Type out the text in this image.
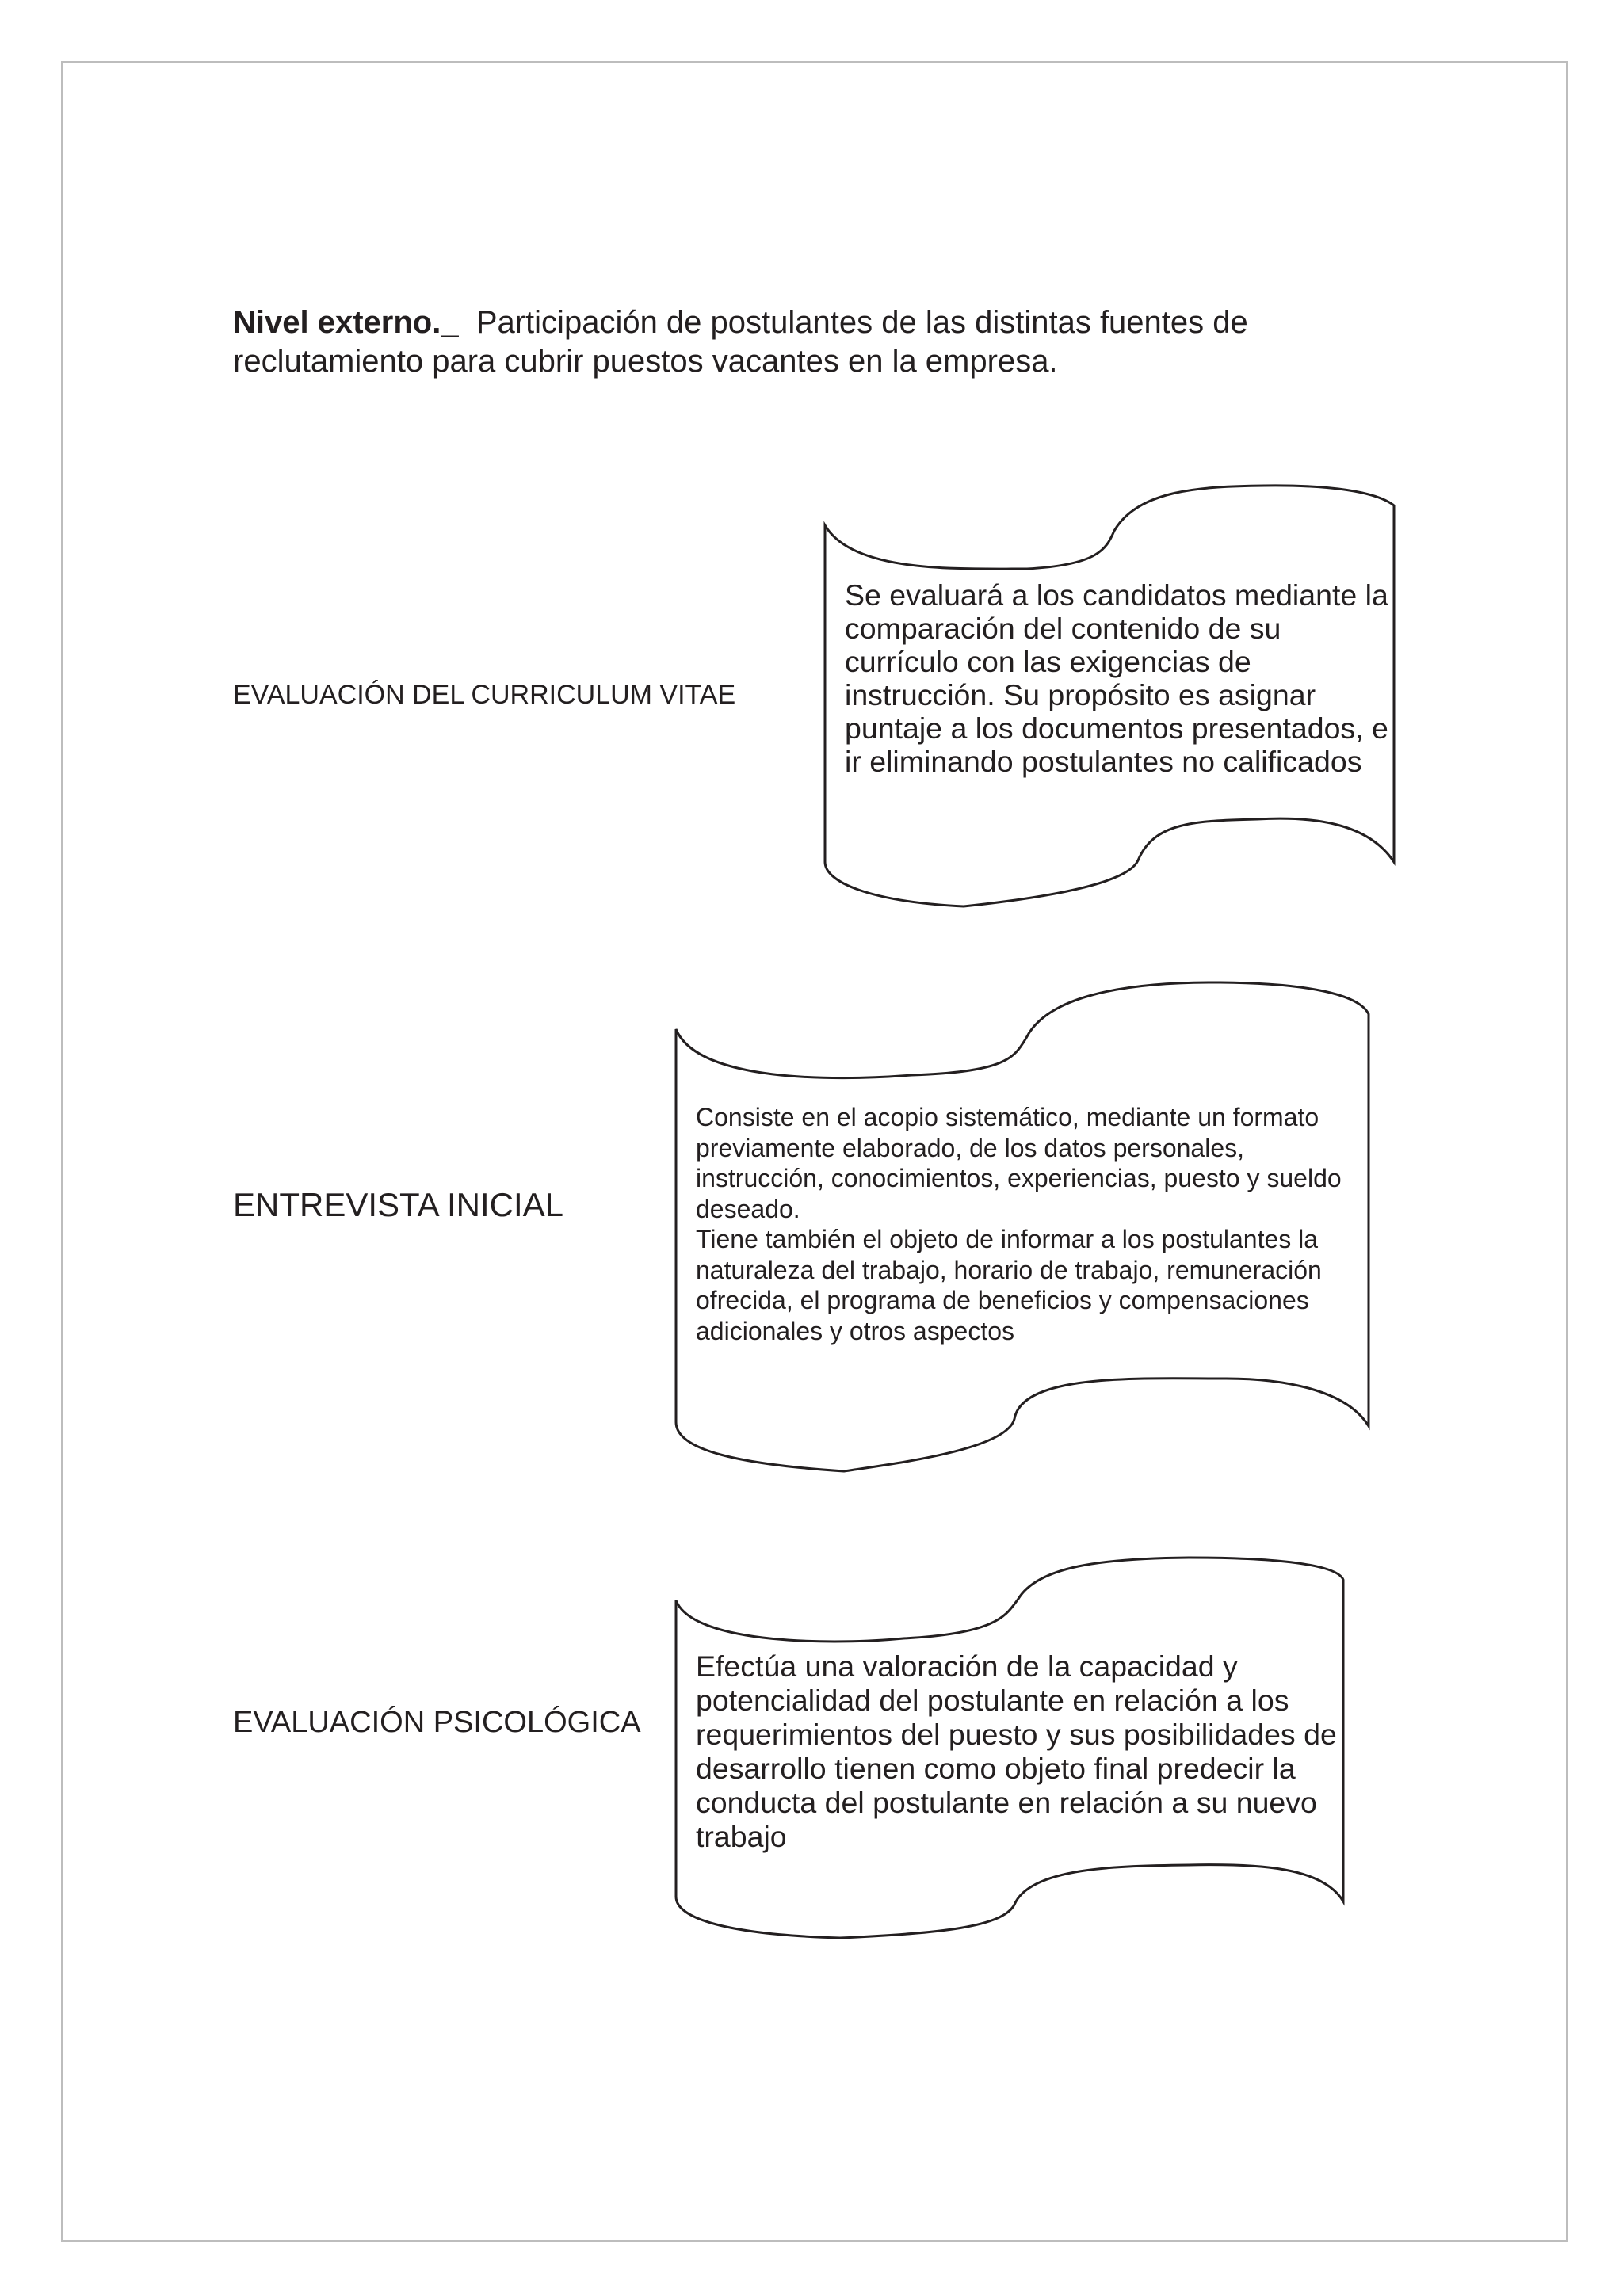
Nivel externo._ Participación de postulantes de las distintas fuentes de reclutamiento para cubrir puestos vacantes en la empresa.

EVALUACIÓN DEL CURRICULUM VITAE
Se evaluará a los candidatos mediante la comparación del contenido de su currículo con las exigencias de instrucción. Su propósito es asignar puntaje a los documentos presentados, e ir eliminando postulantes no calificados
ENTREVISTA INICIAL
Consiste en el acopio sistemático, mediante un formato previamente elaborado, de los datos personales, instrucción, conocimientos, experiencias, puesto y sueldo deseado.
Tiene también el objeto de informar a los postulantes la naturaleza del trabajo, horario de trabajo, remuneración ofrecida, el programa de beneficios y compensaciones adicionales y otros aspectos
EVALUACIÓN PSICOLÓGICA
Efectúa una valoración de la capacidad y potencialidad del postulante en relación a los requerimientos del puesto y sus posibilidades de desarrollo tienen como objeto final predecir la conducta del postulante en relación a su nuevo trabajo
